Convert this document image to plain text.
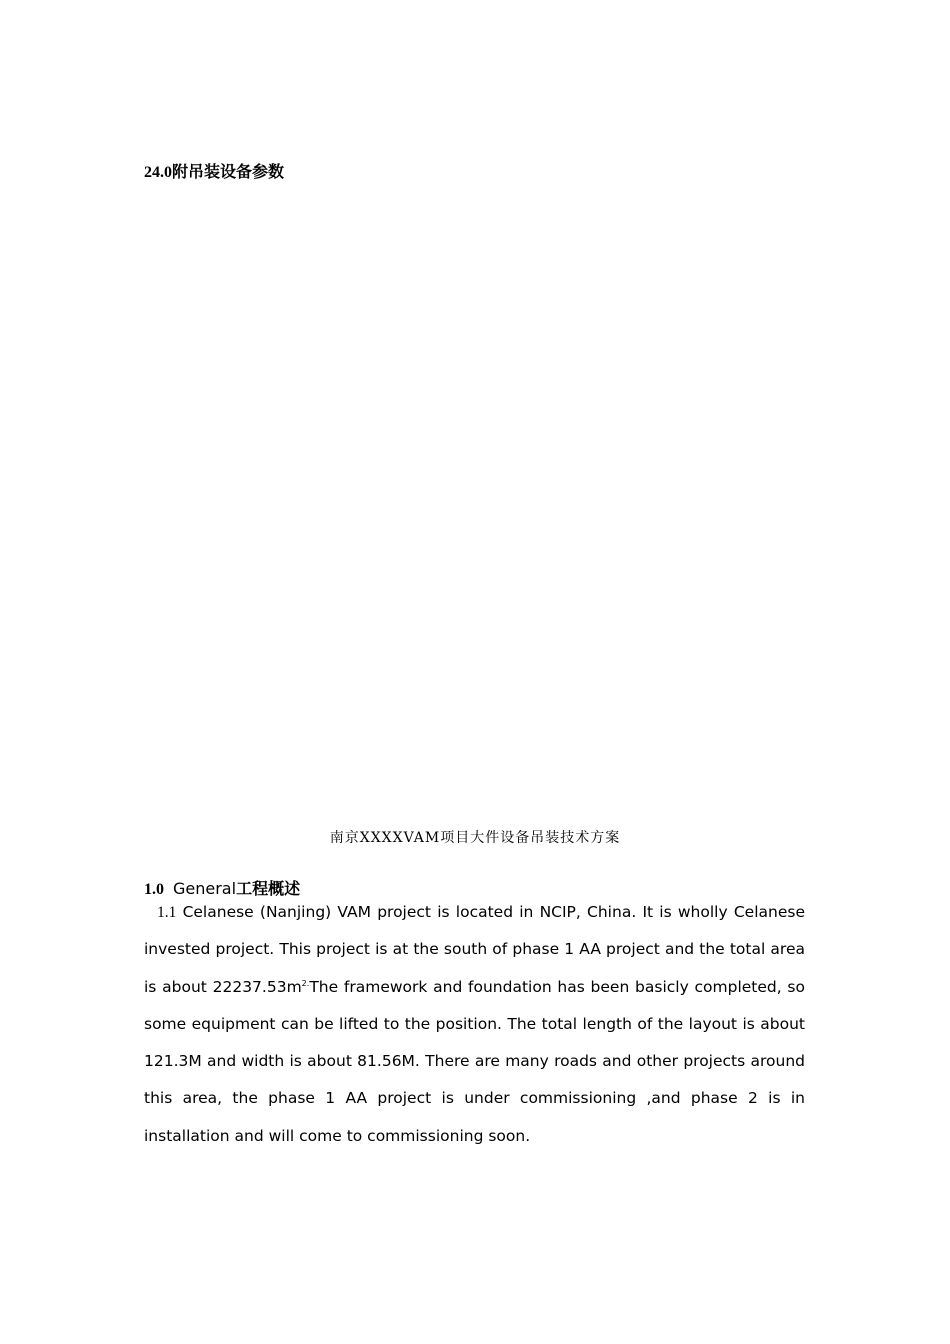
24.0附吊装设备参数
南京XXXXVAM项目大件设备吊装技术方案
1.0 General工程概述
1.1 Celanese (Nanjing) VAM project is located in NCIP, China. It is wholly Celanese invested project. This project is at the south of phase 1 AA project and the total area is about $22237.53m^{2.}The$ framework and foundation has been basicly completed, so some equipment can be lifted to the position. The total length of the layout is about 121.3M and width is about 81.56M. There are many roads and other projects around this area, the phase 1 AA project is under commissioning ,and phase 2 is in installation and will come to commissioning soon.
